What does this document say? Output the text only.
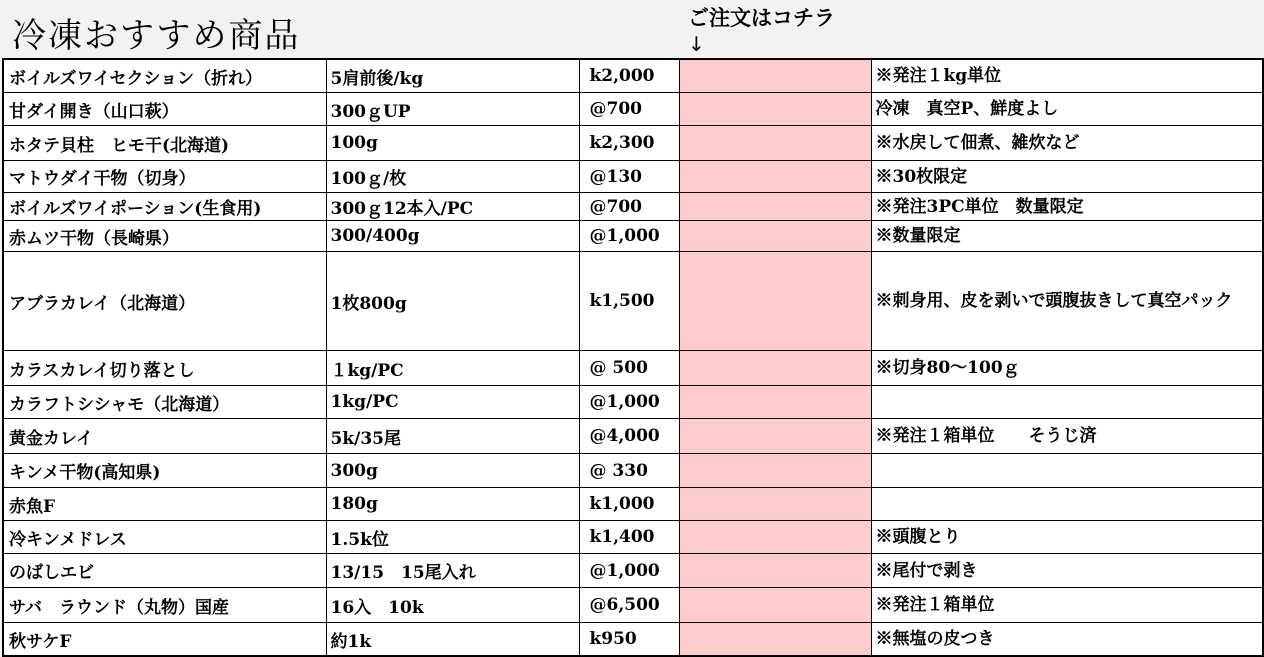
冷凍おすすめ商品	ご注文はコチラ
↓
ボイルズワイセクション（折れ）	5肩前後/kg	k2,000		※発注１kg単位
甘ダイ開き（山口萩）	300ｇUP	@700		冷凍　真空P、鮮度よし
ホタテ貝柱　ヒモ干(北海道)	100g	k2,300		※水戻して佃煮、雑炊など
マトウダイ干物（切身）	100ｇ/枚	@130		※30枚限定
ボイルズワイポーション(生食用)	300ｇ12本入/PC	@700		※発注3PC単位　数量限定
赤ムツ干物（長崎県）	300/400g	@1,000		※数量限定
アブラカレイ（北海道）	1枚800g	k1,500		※刺身用、皮を剥いで頭腹抜きして真空パック
カラスカレイ切り落とし	１kg/PC	@ 500		※切身80～100ｇ
カラフトシシャモ（北海道）	1kg/PC	@1,000		
黄金カレイ	5k/35尾	@4,000		※発注１箱単位　　そうじ済
キンメ干物(高知県)	300g	@ 330		
赤魚F	180g	k1,000		
冷キンメドレス	1.5k位	k1,400		※頭腹とり
のばしエビ	13/15　15尾入れ	@1,000		※尾付で剥き
サバ　ラウンド（丸物）国産	16入　10k	@6,500		※発注１箱単位
秋サケF	約1k	k950		※無塩の皮つき
